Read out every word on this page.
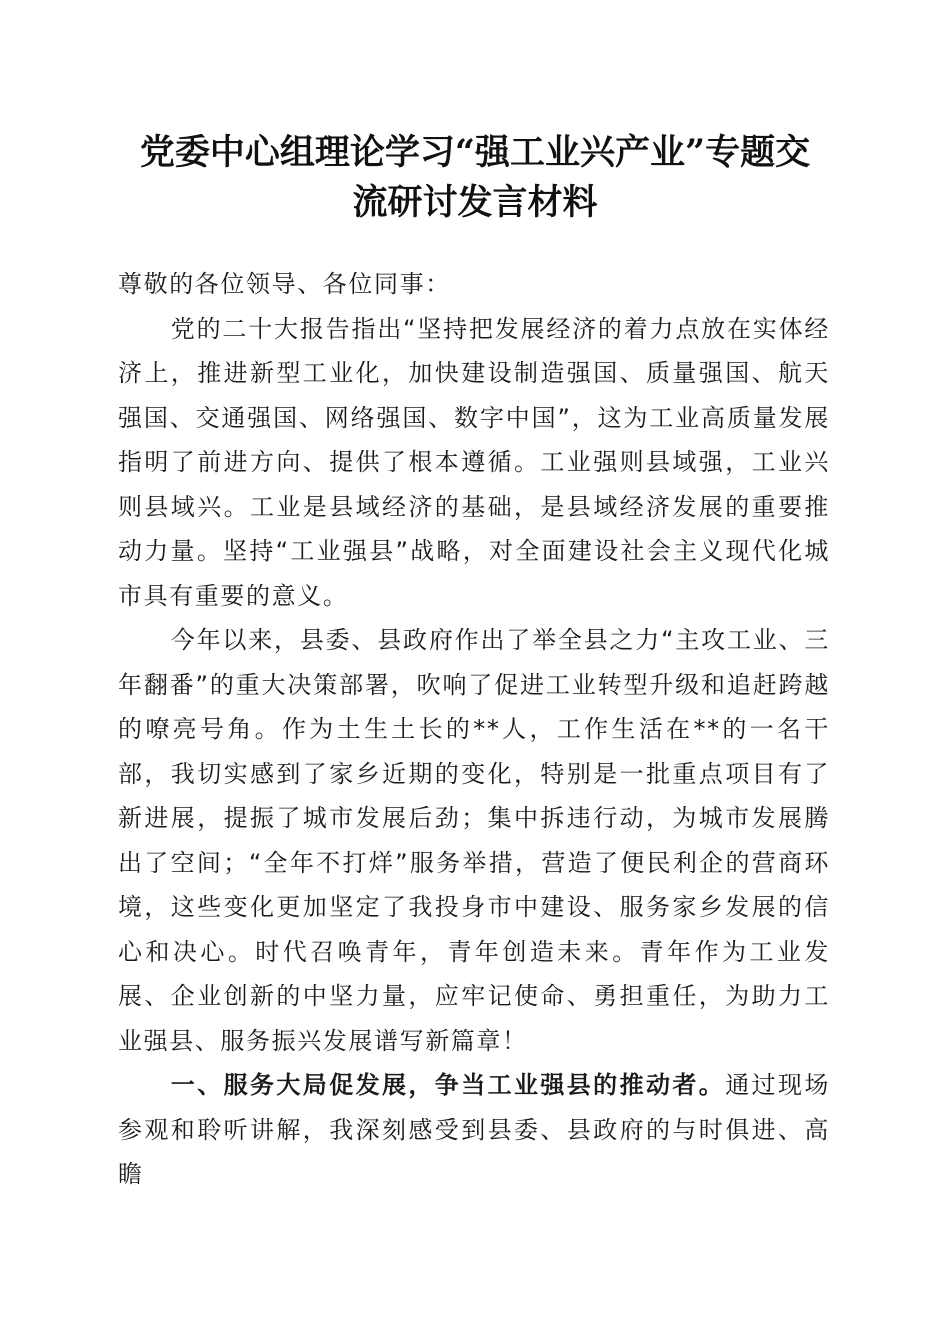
党委中心组理论学习“强工业兴产业”专题交
流研讨发言材料

尊敬的各位领导、各位同事：

党的二十大报告指出“坚持把发展经济的着力点放在实体经济上，推进新型工业化，加快建设制造强国、质量强国、航天强国、交通强国、网络强国、数字中国”，这为工业高质量发展指明了前进方向、提供了根本遵循。工业强则县域强，工业兴则县域兴。工业是县域经济的基础，是县域经济发展的重要推动力量。坚持“工业强县”战略，对全面建设社会主义现代化城市具有重要的意义。

今年以来，县委、县政府作出了举全县之力“主攻工业、三年翻番”的重大决策部署，吹响了促进工业转型升级和追赶跨越的嘹亮号角。作为土生土长的**人，工作生活在**的一名干部，我切实感到了家乡近期的变化，特别是一批重点项目有了新进展，提振了城市发展后劲；集中拆违行动，为城市发展腾出了空间；“全年不打烊”服务举措，营造了便民利企的营商环境，这些变化更加坚定了我投身市中建设、服务家乡发展的信心和决心。时代召唤青年，青年创造未来。青年作为工业发展、企业创新的中坚力量，应牢记使命、勇担重任，为助力工业强县、服务振兴发展谱写新篇章！

一、服务大局促发展，争当工业强县的推动者。通过现场参观和聆听讲解，我深刻感受到县委、县政府的与时俱进、高瞻
